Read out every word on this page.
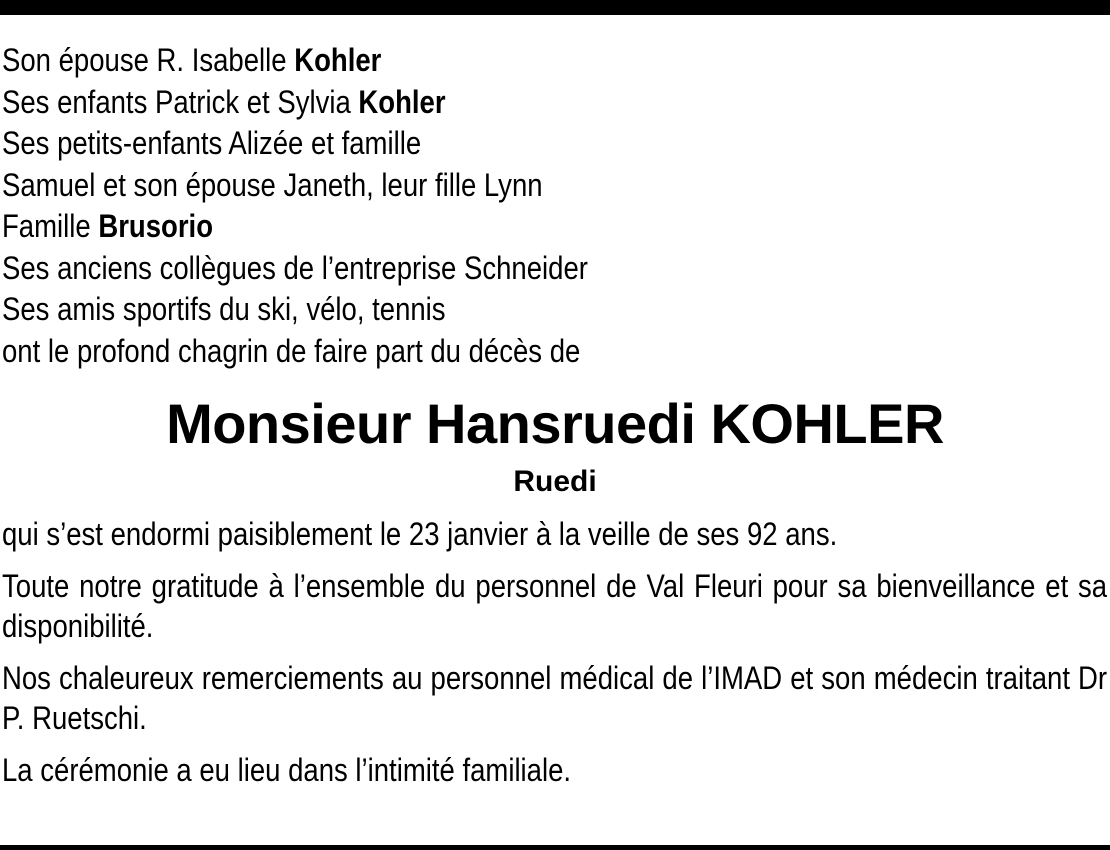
Son épouse R. Isabelle Kohler
Ses enfants Patrick et Sylvia Kohler
Ses petits-enfants Alizée et famille
Samuel et son épouse Janeth, leur fille Lynn
Famille Brusorio
Ses anciens collègues de l’entreprise Schneider
Ses amis sportifs du ski, vélo, tennis
ont le profond chagrin de faire part du décès de
Monsieur Hansruedi KOHLER
Ruedi
qui s’est endormi paisiblement le 23 janvier à la veille de ses 92 ans.
Toute notre gratitude à l’ensemble du personnel de Val Fleuri pour sa bienveillance et sa disponibilité.
Nos chaleureux remerciements au personnel médical de l’IMAD et son médecin traitant Dr P. Ruetschi.
La cérémonie a eu lieu dans l’intimité familiale.
